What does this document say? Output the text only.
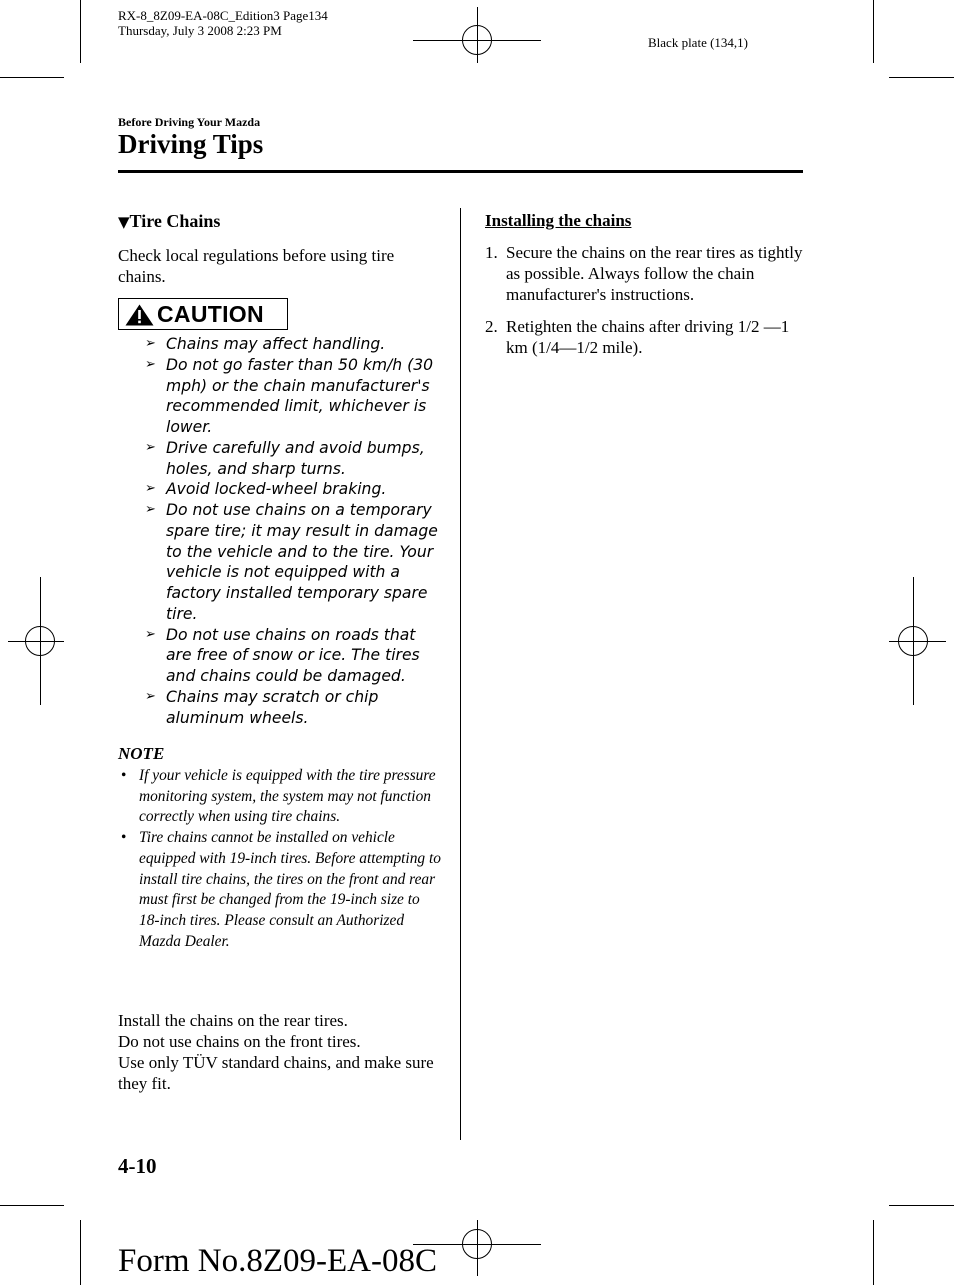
RX-8_8Z09-EA-08C_Edition3 Page134
Thursday, July 3 2008 2:23 PM
Black plate (134,1)
Before Driving Your Mazda
Driving Tips
▼Tire Chains
Check local regulations before using tire chains.
CAUTION
➢ Chains may affect handling.
➢ Do not go faster than 50 km/h (30 mph) or the chain manufacturer's recommended limit, whichever is lower.
➢ Drive carefully and avoid bumps, holes, and sharp turns.
➢ Avoid locked-wheel braking.
➢ Do not use chains on a temporary spare tire; it may result in damage to the vehicle and to the tire. Your vehicle is not equipped with a factory installed temporary spare tire.
➢ Do not use chains on roads that are free of snow or ice. The tires and chains could be damaged.
➢ Chains may scratch or chip aluminum wheels.
NOTE
• If your vehicle is equipped with the tire pressure monitoring system, the system may not function correctly when using tire chains.
• Tire chains cannot be installed on vehicle equipped with 19-inch tires. Before attempting to install tire chains, the tires on the front and rear must first be changed from the 19-inch size to 18-inch tires. Please consult an Authorized Mazda Dealer.
Install the chains on the rear tires.
Do not use chains on the front tires.
Use only TÜV standard chains, and make sure they fit.
Installing the chains
1. Secure the chains on the rear tires as tightly as possible. Always follow the chain manufacturer's instructions.
2. Retighten the chains after driving 1/2 —1 km (1/4—1/2 mile).
4-10
Form No.8Z09-EA-08C
